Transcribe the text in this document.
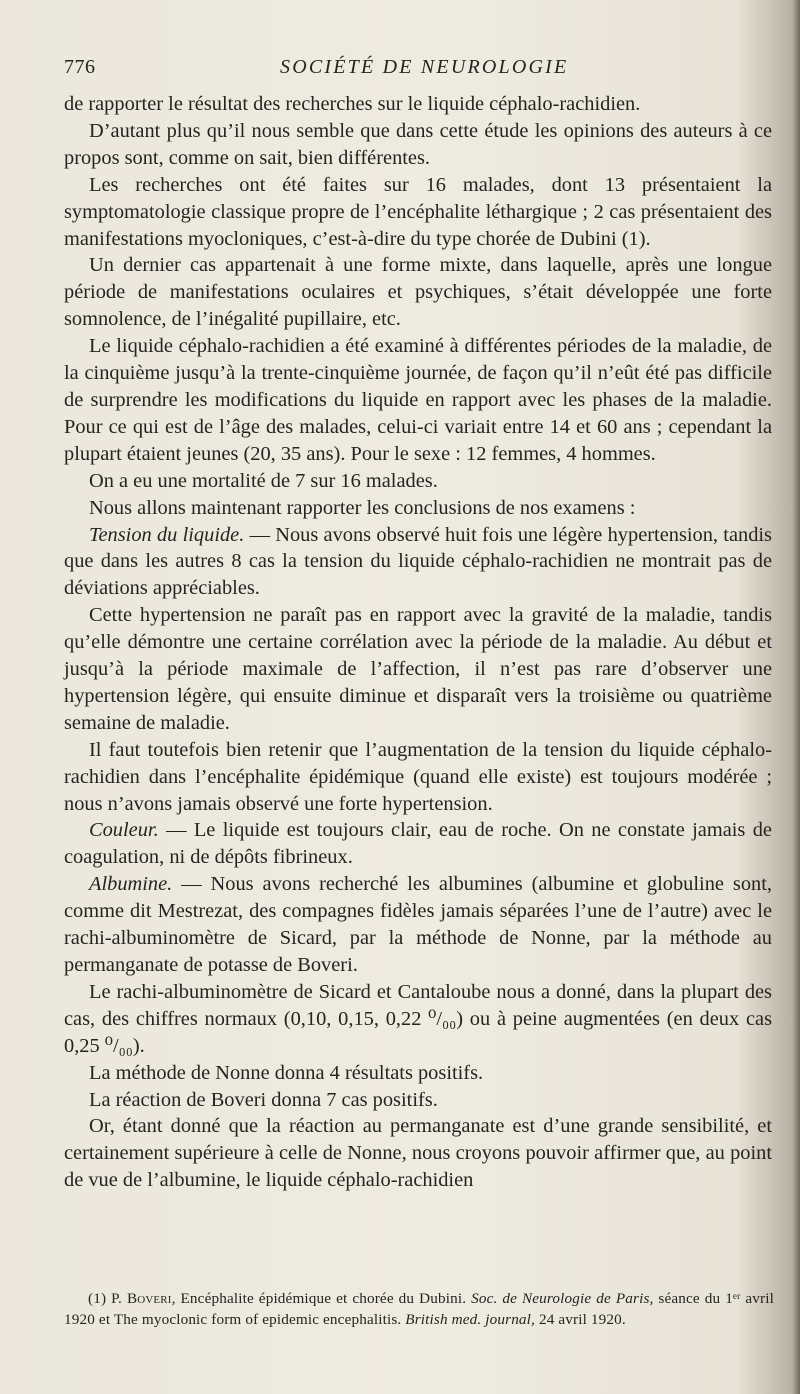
776	SOCIÉTÉ DE NEUROLOGIE

de rapporter le résultat des recherches sur le liquide céphalo-rachidien.

D’autant plus qu’il nous semble que dans cette étude les opinions des auteurs à ce propos sont, comme on sait, bien différentes.

Les recherches ont été faites sur 16 malades, dont 13 présentaient la symptomatologie classique propre de l’encéphalite léthargique ; 2 cas présentaient des manifestations myocloniques, c’est-à-dire du type chorée de Dubini (1).

Un dernier cas appartenait à une forme mixte, dans laquelle, après une longue période de manifestations oculaires et psychiques, s’était développée une forte somnolence, de l’inégalité pupillaire, etc.

Le liquide céphalo-rachidien a été examiné à différentes périodes de la maladie, de la cinquième jusqu’à la trente-cinquième journée, de façon qu’il n’eût été pas difficile de surprendre les modifications du liquide en rapport avec les phases de la maladie. Pour ce qui est de l’âge des malades, celui-ci variait entre 14 et 60 ans ; cependant la plupart étaient jeunes (20, 35 ans). Pour le sexe : 12 femmes, 4 hommes.

On a eu une mortalité de 7 sur 16 malades.

Nous allons maintenant rapporter les conclusions de nos examens :

Tension du liquide. — Nous avons observé huit fois une légère hypertension, tandis que dans les autres 8 cas la tension du liquide céphalo-rachidien ne montrait pas de déviations appréciables.

Cette hypertension ne paraît pas en rapport avec la gravité de la maladie, tandis qu’elle démontre une certaine corrélation avec la période de la maladie. Au début et jusqu’à la période maximale de l’affection, il n’est pas rare d’observer une hypertension légère, qui ensuite diminue et disparaît vers la troisième ou quatrième semaine de maladie.

Il faut toutefois bien retenir que l’augmentation de la tension du liquide céphalo-rachidien dans l’encéphalite épidémique (quand elle existe) est toujours modérée ; nous n’avons jamais observé une forte hypertension.

Couleur. — Le liquide est toujours clair, eau de roche. On ne constate jamais de coagulation, ni de dépôts fibrineux.

Albumine. — Nous avons recherché les albumines (albumine et globuline sont, comme dit Mestrezat, des compagnes fidèles jamais séparées l’une de l’autre) avec le rachi-albuminomètre de Sicard, par la méthode de Nonne, par la méthode au permanganate de potasse de Boveri.

Le rachi-albuminomètre de Sicard et Cantaloube nous a donné, dans la plupart des cas, des chiffres normaux (0,10, 0,15, 0,22 ⁰/₀₀) ou à peine augmentées (en deux cas 0,25 ⁰/₀₀).

La méthode de Nonne donna 4 résultats positifs.

La réaction de Boveri donna 7 cas positifs.

Or, étant donné que la réaction au permanganate est d’une grande sensibilité, et certainement supérieure à celle de Nonne, nous croyons pouvoir affirmer que, au point de vue de l’albumine, le liquide céphalo-rachidien

(1) P. Boveri, Encéphalite épidémique et chorée du Dubini. Soc. de Neurologie de Paris, séance du 1ᵉʳ avril 1920 et The myoclonic form of epidemic encephalitis. British med. journal, 24 avril 1920.
